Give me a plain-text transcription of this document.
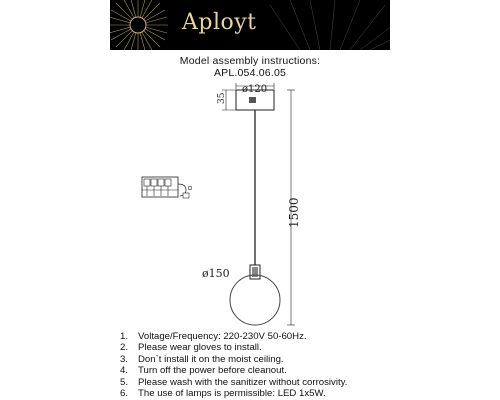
Aployt
Model assembly instructions:
APL.054.06.05
ø120
35
ø150
1500
1. Voltage/Frequency: 220-230V 50-60Hz.
2. Please wear gloves to install.
3. Don`t install it on the moist ceiling.
4. Turn off the power before cleanout.
5. Please wash with the sanitizer without corrosivity.
6. The use of lamps is permissible: LED 1x5W.
